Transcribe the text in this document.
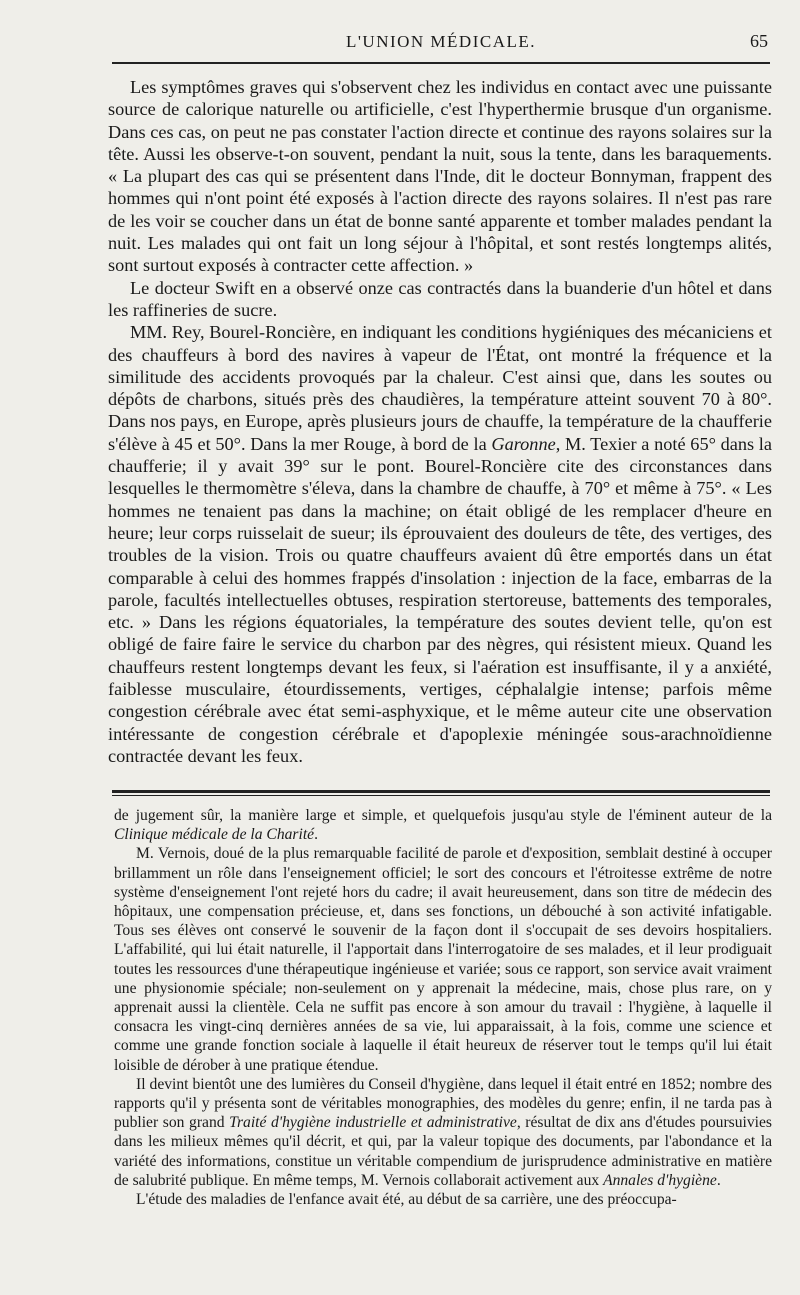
L'UNION MÉDICALE.	65

Les symptômes graves qui s'observent chez les individus en contact avec une puissante source de calorique naturelle ou artificielle, c'est l'hyperthermie brusque d'un organisme. Dans ces cas, on peut ne pas constater l'action directe et continue des rayons solaires sur la tête. Aussi les observe-t-on souvent, pendant la nuit, sous la tente, dans les baraquements. « La plupart des cas qui se présentent dans l'Inde, dit le docteur Bonnyman, frappent des hommes qui n'ont point été exposés à l'action directe des rayons solaires. Il n'est pas rare de les voir se coucher dans un état de bonne santé apparente et tomber malades pendant la nuit. Les malades qui ont fait un long séjour à l'hôpital, et sont restés longtemps alités, sont surtout exposés à contracter cette affection. »

Le docteur Swift en a observé onze cas contractés dans la buanderie d'un hôtel et dans les raffineries de sucre.

MM. Rey, Bourel-Roncière, en indiquant les conditions hygiéniques des mécaniciens et des chauffeurs à bord des navires à vapeur de l'État, ont montré la fréquence et la similitude des accidents provoqués par la chaleur. C'est ainsi que, dans les soutes ou dépôts de charbons, situés près des chaudières, la température atteint souvent 70 à 80°. Dans nos pays, en Europe, après plusieurs jours de chauffe, la température de la chaufferie s'élève à 45 et 50°. Dans la mer Rouge, à bord de la Garonne, M. Texier a noté 65° dans la chaufferie; il y avait 39° sur le pont. Bourel-Roncière cite des circonstances dans lesquelles le thermomètre s'éleva, dans la chambre de chauffe, à 70° et même à 75°. « Les hommes ne tenaient pas dans la machine; on était obligé de les remplacer d'heure en heure; leur corps ruisselait de sueur; ils éprouvaient des douleurs de tête, des vertiges, des troubles de la vision. Trois ou quatre chauffeurs avaient dû être emportés dans un état comparable à celui des hommes frappés d'insolation : injection de la face, embarras de la parole, facultés intellectuelles obtuses, respiration stertoreuse, battements des temporales, etc. » Dans les régions équatoriales, la température des soutes devient telle, qu'on est obligé de faire faire le service du charbon par des nègres, qui résistent mieux. Quand les chauffeurs restent longtemps devant les feux, si l'aération est insuffisante, il y a anxiété, faiblesse musculaire, étourdissements, vertiges, céphalalgie intense; parfois même congestion cérébrale avec état semi-asphyxique, et le même auteur cite une observation intéressante de congestion cérébrale et d'apoplexie méningée sous-arachnoïdienne contractée devant les feux.

de jugement sûr, la manière large et simple, et quelquefois jusqu'au style de l'éminent auteur de la Clinique médicale de la Charité.

M. Vernois, doué de la plus remarquable facilité de parole et d'exposition, semblait destiné à occuper brillamment un rôle dans l'enseignement officiel; le sort des concours et l'étroitesse extrême de notre système d'enseignement l'ont rejeté hors du cadre; il avait heureusement, dans son titre de médecin des hôpitaux, une compensation précieuse, et, dans ses fonctions, un débouché à son activité infatigable. Tous ses élèves ont conservé le souvenir de la façon dont il s'occupait de ses devoirs hospitaliers. L'affabilité, qui lui était naturelle, il l'apportait dans l'interrogatoire de ses malades, et il leur prodiguait toutes les ressources d'une thérapeutique ingénieuse et variée; sous ce rapport, son service avait vraiment une physionomie spéciale; non-seulement on y apprenait la médecine, mais, chose plus rare, on y apprenait aussi la clientèle. Cela ne suffit pas encore à son amour du travail : l'hygiène, à laquelle il consacra les vingt-cinq dernières années de sa vie, lui apparaissait, à la fois, comme une science et comme une grande fonction sociale à laquelle il était heureux de réserver tout le temps qu'il lui était loisible de dérober à une pratique étendue.

Il devint bientôt une des lumières du Conseil d'hygiène, dans lequel il était entré en 1852; nombre des rapports qu'il y présenta sont de véritables monographies, des modèles du genre; enfin, il ne tarda pas à publier son grand Traité d'hygiène industrielle et administrative, résultat de dix ans d'études poursuivies dans les milieux mêmes qu'il décrit, et qui, par la valeur topique des documents, par l'abondance et la variété des informations, constitue un véritable compendium de jurisprudence administrative en matière de salubrité publique. En même temps, M. Vernois collaborait activement aux Annales d'hygiène.

L'étude des maladies de l'enfance avait été, au début de sa carrière, une des préoccupa-
